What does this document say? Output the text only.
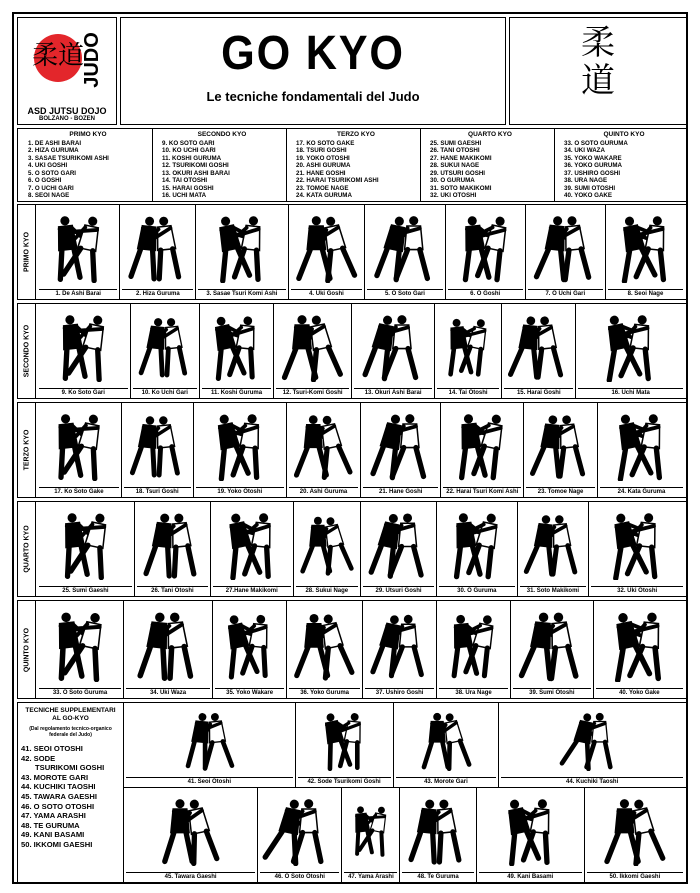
柔道
JUDO
ASD JUTSU DOJO
BOLZANO - BOZEN
GO KYO
Le tecniche fondamentali del Judo
柔
道
PRIMO KYO
1. DE ASHI BARAI
2. HIZA GURUMA
3. SASAE TSURIKOMI ASHI
4. UKI GOSHI
5. O SOTO GARI
6. O GOSHI
7. O UCHI GARI
8. SEOI NAGE
SECONDO KYO
9. KO SOTO GARI
10. KO UCHI GARI
11. KOSHI GURUMA
12. TSURIKOMI GOSHI
13. OKURI ASHI BARAI
14. TAI OTOSHI
15. HARAI GOSHI
16. UCHI MATA
TERZO KYO
17. KO SOTO GAKE
18. TSURI GOSHI
19. YOKO OTOSHI
20. ASHI GURUMA
21. HANE GOSHI
22. HARAI TSURIKOMI ASHI
23. TOMOE NAGE
24. KATA GURUMA
QUARTO KYO
25. SUMI GAESHI
26. TANI OTOSHI
27. HANE MAKIKOMI
28. SUKUI NAGE
29. UTSURI GOSHI
30. O GURUMA
31. SOTO MAKIKOMI
32. UKI OTOSHI
QUINTO KYO
33. O SOTO GURUMA
34. UKI WAZA
35. YOKO WAKARE
36. YOKO GURUMA
37. USHIRO GOSHI
38. URA NAGE
39. SUMI OTOSHI
40. YOKO GAKE
PRIMO KYO
1. De Ashi Barai	2. Hiza Guruma	3. Sasae Tsuri Komi Ashi	4. Uki Goshi	5. O Soto Gari	6. O Goshi	7. O Uchi Gari	8. Seoi Nage
SECONDO KYO
9. Ko Soto Gari	10. Ko Uchi Gari	11. Koshi Guruma	12. Tsuri-Komi Goshi	13. Okuri Ashi Barai	14. Tai Otoshi	15. Harai Goshi	16. Uchi Mata
TERZO KYO
17. Ko Soto Gake	18. Tsuri Goshi	19. Yoko Otoshi	20. Ashi Guruma	21. Hane Goshi	22. Harai Tsuri Komi Ashi	23. Tomoe Nage	24. Kata Guruma
QUARTO KYO
25. Sumi Gaeshi	26. Tani Otoshi	27.Hane Makikomi	28. Sukui Nage	29. Utsuri Goshi	30. O Guruma	31. Soto Makikomi	32. Uki Otoshi
QUINTO KYO
33. O Soto Guruma	34. Uki Waza	35. Yoko Wakare	36. Yoko Guruma	37. Ushiro Goshi	38. Ura Nage	39. Sumi Otoshi	40. Yoko Gake
TECNICHE SUPPLEMENTARI AL GO-KYO
(Dal regolamento tecnico-organico federale del Judo)
41. SEOI OTOSHI
42. SODE
TSURIKOMI GOSHI
43. MOROTE GARI
44. KUCHIKI TAOSHI
45. TAWARA GAESHI
46. O SOTO OTOSHI
47. YAMA ARASHI
48. TE GURUMA
49. KANI BASAMI
50. IKKOMI GAESHI
41. Seoi Otoshi	42. Sode Tsurikomi Goshi	43. Morote Gari	44. Kuchiki Taoshi
45. Tawara Gaeshi	46. O Soto Otoshi	47. Yama Arashi	48. Te Guruma	49. Kani Basami	50. Ikkomi Gaeshi
